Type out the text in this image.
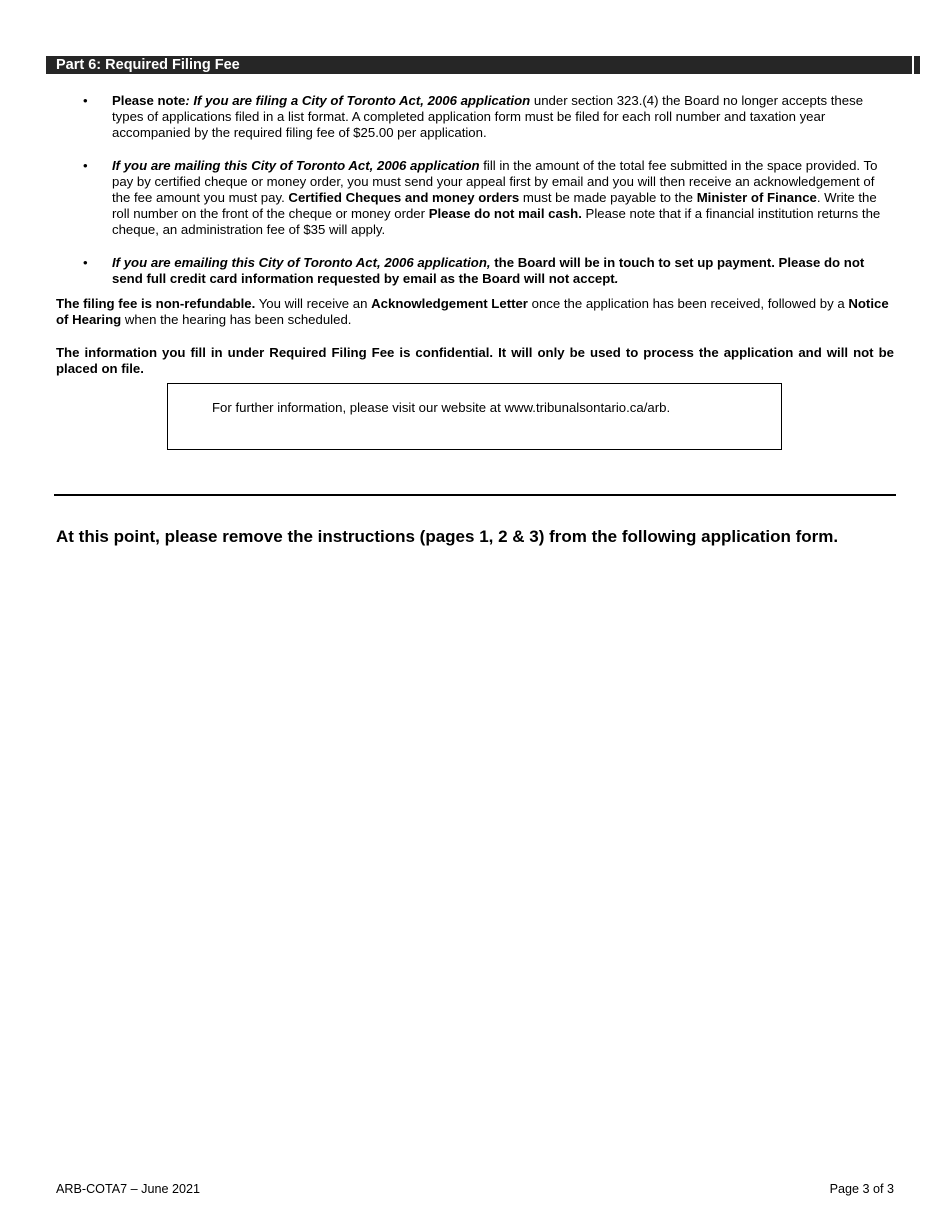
Part 6: Required Filing Fee
• Please note: If you are filing a City of Toronto Act, 2006 application under section 323.(4) the Board no longer accepts these types of applications filed in a list format. A completed application form must be filed for each roll number and taxation year accompanied by the required filing fee of $25.00 per application.
• If you are mailing this City of Toronto Act, 2006 application fill in the amount of the total fee submitted in the space provided. To pay by certified cheque or money order, you must send your appeal first by email and you will then receive an acknowledgement of the fee amount you must pay. Certified Cheques and money orders must be made payable to the Minister of Finance. Write the roll number on the front of the cheque or money order Please do not mail cash. Please note that if a financial institution returns the cheque, an administration fee of $35 will apply.
• If you are emailing this City of Toronto Act, 2006 application, the Board will be in touch to set up payment. Please do not send full credit card information requested by email as the Board will not accept.

The filing fee is non-refundable. You will receive an Acknowledgement Letter once the application has been received, followed by a Notice of Hearing when the hearing has been scheduled.

The information you fill in under Required Filing Fee is confidential. It will only be used to process the application and will not be placed on file.

For further information, please visit our website at www.tribunalsontario.ca/arb.

At this point, please remove the instructions (pages 1, 2 & 3) from the following application form.

ARB-COTA7 – June 2021	Page 3 of 3
